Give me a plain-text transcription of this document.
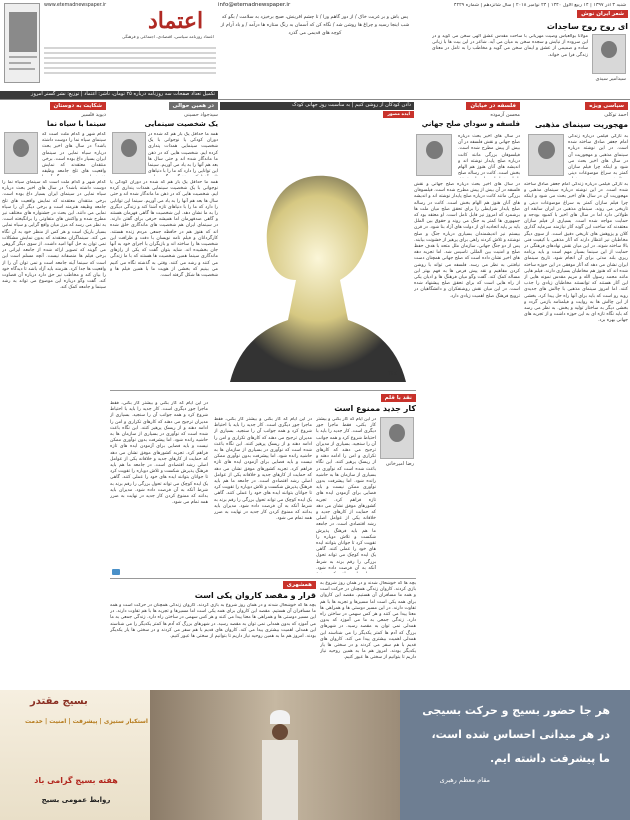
شنبه ۳ آذر ۱۳۹۷ | ۱۴ ربیع الاول ۱۴۴۰ | ۲۴ نوامبر ۲۰۱۸ | سال شانزدهم | شماره ۴۲۲۹
info@etemadnewspaper.ir
www.etemadnewspaper.ir
اعتماد
اعتماد روزنامه سیاسی، اقتصادی، اجتماعی و فرهنگی
پس باش و بر غربت خاک / از دور گاهم ورا / تا چشم آفرینش، صبح برخیزد به سلامت / بگو که شب اینجا رسید و چراغ ها روشن شد / نگاه کن که آسمان به رنگ ستاره ها درآمد / و باد آرام از کوچه های قدیمی می گذرد
شعر ایران نوش
ای روح روح ساجدات
سیدامیر سیدی
مولانا بوالعباس وصیت مهربانی با ساحت مقدس عشق الهی سخن می گوید و در این سروده از نیایش و سجده سخن به میان می آید. شاعر در این بیت ها با زبانی ساده و صمیمی از عشق و ایمان سخن می گوید و مخاطب را به تامل در معنای زندگی فرا می خواند.
تکمیل تعداد صفحات سه روزنامه درباره ۲۵ تومان، ناشر: اعتماد | توزیع: نشر گستر امروز
سیاسی ویژه
احمد توکلی
مهجوریت سینمای مذهبی
به تازگی فیلمی درباره زندگی امام جعفر صادق ساخته شده است. در این نوشته درباره سینمای مذهبی و مهجوریت آن در سال های اخیر بحث می شود و اینکه چرا فیلم سازان کمتر به سراغ موضوعات دینی
به تازگی فیلمی درباره زندگی امام جعفر صادق ساخته شده است. در این نوشته درباره سینمای مذهبی و مهجوریت آن در سال های اخیر بحث می شود و اینکه چرا فیلم سازان کمتر به سراغ موضوعات دینی و تاریخی می روند. سینمای مذهبی در ایران سابقه ای طولانی دارد اما در سال های اخیر با کمبود بودجه و حمایت مواجه شده است. بسیاری از فیلم سازان معتقدند که ساخت این گونه آثار نیازمند سرمایه گذاری کلان و پژوهش های تاریخی دقیق است. از سوی دیگر مخاطبان نیز انتظار دارند که آثار مذهبی با کیفیت فنی بالا ساخته شوند. در این میان نقش نهادهای فرهنگی در حمایت از این سینما بسیار مهم است و باید برنامه ریزی بلند مدتی برای آن انجام شود. تاریخ سینمای ایران نشان می دهد که آثار موفقی در این حوزه ساخته شده اند که هنوز هم مخاطبان بسیاری دارند. فیلم هایی مانند محمد رسول الله و مریم مقدس نمونه هایی از این آثار هستند که توانستند مخاطبان زیادی را جذب کنند. اما امروز سینمای مذهبی با چالش های جدیدی روبه رو است که باید برای آنها راه حل پیدا کرد. بخشی از این چالش ها به روایت و فیلمنامه بازمی گردد و بخشی دیگر به ساختار تولید و پخش. به نظر می رسد که باید نگاه تازه ای به این حوزه داشت و از تجربه های جهانی بهره برد.
فلسفه در خیابان
محسن آزموده
فلسفه و سوداي صلح جهاني
در سال های اخیر بحث درباره صلح جهانی و نقش فلسفه در آن بیش از پیش مطرح شده است. فیلسوفان بزرگی مانند کانت درباره صلح پایدار نوشته اند و اندیشه های آنان هنوز هم الهام بخش است. کانت در رساله صلح
در سال های اخیر بحث درباره صلح جهانی و نقش فلسفه در آن بیش از پیش مطرح شده است. فیلسوفان بزرگی مانند کانت درباره صلح پایدار نوشته اند و اندیشه های آنان هنوز هم الهام بخش است. کانت در رساله صلح پایدار شرایطی را برای تحقق صلح میان ملت ها برشمرد که امروز نیز قابل تامل است. او معتقد بود که جمهوری ها کمتر به جنگ می روند و حقوق بین الملل باید بر پایه اتحادیه ای از دولت های آزاد بنا شود. در قرن بیستم نیز اندیشمندان بسیاری درباره جنگ و صلح نوشتند و تلاش کردند راهی برای پرهیز از خشونت بیابند. پس از دو جنگ جهانی، سازمان ملل متحد با هدف حفظ صلح و امنیت بین المللی تاسیس شد. اما تجربه دهه های اخیر نشان داده است که صلح جهانی همچنان دست نیافتنی به نظر می رسد. فلسفه می تواند با روشن کردن مفاهیم و نقد پیش فرض ها به فهم بهتر این مساله کمک کند. گفت وگو میان فرهنگ ها و ادیان یکی از راه هایی است که برای تحقق صلح پیشنهاد شده است. در این میان نقش روشنفکران و دانشگاهیان در ترویج فرهنگ صلح اهمیت زیادی دارد.
دادن کودکان از روشن کنیم | به مناسبت روز جهانی کودک
ایده مصور
TEK
در همین حوالی
سیدجواد حسینی
یک شخصیت سینمایی
همه ما حداقل یک بار هم که شده در دوران کودکی یا نوجوانی با یک شخصیت سینمایی همذات پنداری کرده ایم. شخصیت هایی که در ذهن ما ماندگار شده اند و حتی سال ها بعد هم آنها را به یاد می آوریم. سینما این توانایی را دارد که ما را با دنیاهای
همه ما حداقل یک بار هم که شده در دوران کودکی یا نوجوانی با یک شخصیت سینمایی همذات پنداری کرده ایم. شخصیت هایی که در ذهن ما ماندگار شده اند و حتی سال ها بعد هم آنها را به یاد می آوریم. سینما این توانایی را دارد که ما را با دنیاهای تازه آشنا کند و زندگی دیگری را به ما نشان دهد. این شخصیت ها گاهی قهرمان هستند و گاهی ضدقهرمان اما همیشه حرفی برای گفتن دارند. در سینمای ایران هم شخصیت های ماندگاری خلق شده اند که هنوز هم در حافظه جمعی مردم زنده هستند. کارگردانان و فیلم نامه نویسان با دقت و ظرافت این شخصیت ها را ساخته اند و بازیگران با اجرای خود به آنها جان بخشیده اند. شاید بتوان گفت که یکی از رازهای ماندگاری سینما همین شخصیت ها هستند که با ما زندگی می کنند و رشد می کنند. وقتی به گذشته نگاه می کنیم می بینیم که بخشی از هویت ما با همین فیلم ها و شخصیت ها شکل گرفته است.
شکایت به دوستان
دیوید فلسیر
سینما با سیاه نما
کدام شهر و کدام ملت است که سینمای سیاه نما را دوست داشته باشد؟ در سال های اخیر بحث درباره سیاه نمایی در سینمای ایران بسیار داغ بوده است. برخی منتقدان معتقدند که نمایش واقعیت های تلخ جامعه وظیفه
کدام شهر و کدام ملت است که سینمای سیاه نما را دوست داشته باشد؟ در سال های اخیر بحث درباره سیاه نمایی در سینمای ایران بسیار داغ بوده است. برخی منتقدان معتقدند که نمایش واقعیت های تلخ جامعه وظیفه هنرمند است و برخی دیگر آن را سیاه نمایی می دانند. این بحث در جشنواره های مختلف نیز مطرح شده و واکنش های متفاوتی را برانگیخته است. به نظر می رسد که مرز میان واقع گرایی و سیاه نمایی بسیار باریک است و هر کس از منظر خود به آن نگاه می کند. سینماگران معتقدند که بدون نمایش مشکلات نمی توان به حل آنها امید داشت. از سوی دیگر گروهی می گویند که تصویر ارائه شده از جامعه ایرانی در برخی فیلم ها منصفانه نیست. آنچه مسلم است این است که سینما آینه جامعه است و نمی توان آن را از واقعیت ها جدا کرد. هنرمند باید آزاد باشد تا دیدگاه خود را بیان کند و مخاطب نیز حق دارد درباره آن قضاوت کند. گفت وگو درباره این موضوع می تواند به رشد سینما و جامعه کمک کند.
نقد با قلم
کار جدید ممنوع است
رضا امیرخانی
در این ایام که کار بکنی و بیشتر کار بکنی، فقط ماجرا جور دیگری است. کار جدید را باید با احتیاط شروع کرد و همه جوانب آن را سنجید. بسیاری از مدیران ترجیح می دهند که کارهای تکراری و امن را ادامه دهند و از ریسک پرهیز کنند. این نگاه باعث شده است که نوآوری در بسیاری از سازمان ها به حاشیه رانده شود. اما پیشرفت بدون نوآوری ممکن نیست و باید فضایی برای آزمودن ایده های تازه فراهم کرد. تجربه کشورهای موفق نشان می دهد که حمایت از کارهای جدید و خلاقانه یکی از عوامل اصلی رشد اقتصادی است. در جامعه ما هم باید فرهنگ پذیرش شکست و تلاش دوباره را تقویت کرد تا جوانان بتوانند ایده های خود را عملی کنند. گاهی یک ایده کوچک می تواند تحول بزرگی را رقم بزند به شرط آنکه به آن فرصت داده شود.
در این ایام که کار بکنی و بیشتر کار بکنی، فقط ماجرا جور دیگری است. کار جدید را باید با احتیاط شروع کرد و همه جوانب آن را سنجید. بسیاری از مدیران ترجیح می دهند که کارهای تکراری و امن را ادامه دهند و از ریسک پرهیز کنند. این نگاه باعث شده است که نوآوری در بسیاری از سازمان ها به حاشیه رانده شود. اما پیشرفت بدون نوآوری ممکن نیست و باید فضایی برای آزمودن ایده های تازه فراهم کرد. تجربه کشورهای موفق نشان می دهد که حمایت از کارهای جدید و خلاقانه یکی از عوامل اصلی رشد اقتصادی است. در جامعه ما هم باید فرهنگ پذیرش شکست و تلاش دوباره را تقویت کرد تا جوانان بتوانند ایده های خود را عملی کنند. گاهی یک ایده کوچک می تواند تحول بزرگی را رقم بزند به شرط آنکه به آن فرصت داده شود. مدیران باید بدانند که ممنوع کردن کار جدید در نهایت به ضرر همه تمام می شود.
در این ایام که کار بکنی و بیشتر کار بکنی، فقط ماجرا جور دیگری است. کار جدید را باید با احتیاط شروع کرد و همه جوانب آن را سنجید. بسیاری از مدیران ترجیح می دهند که کارهای تکراری و امن را ادامه دهند و از ریسک پرهیز کنند. این نگاه باعث شده است که نوآوری در بسیاری از سازمان ها به حاشیه رانده شود. اما پیشرفت بدون نوآوری ممکن نیست و باید فضایی برای آزمودن ایده های تازه فراهم کرد. تجربه کشورهای موفق نشان می دهد که حمایت از کارهای جدید و خلاقانه یکی از عوامل اصلی رشد اقتصادی است. در جامعه ما هم باید فرهنگ پذیرش شکست و تلاش دوباره را تقویت کرد تا جوانان بتوانند ایده های خود را عملی کنند. گاهی یک ایده کوچک می تواند تحول بزرگی را رقم بزند به شرط آنکه به آن فرصت داده شود. مدیران باید بدانند که ممنوع کردن کار جدید در نهایت به ضرر همه تمام می شود.
همشهری
قرار و مقصد کاروان یکی است
بچه ها که خوشحال شدند و در همان روز شروع به بازی کردند. کاروان زندگی همچنان در حرکت است و همه ما مسافران آن هستیم. مقصد این کاروان برای همه یکی است اما مسیرها و تجربه ها با هم تفاوت دارند. در این مسیر دوستی ها و همراهی ها معنا پیدا می کنند و هر کس سهمی در ساختن راه دارد. زندگی جمعی به ما می آموزد که بدون همدلی نمی توان به مقصد رسید. در شهرهای بزرگ که آدم ها کمتر یکدیگر را می شناسند این همدلی اهمیت بیشتری پیدا می کند. کاروان های قدیم با هم سفر می کردند و در سختی ها یار یکدیگر بودند. امروز هم ما به همین روحیه نیاز داریم تا بتوانیم از سختی ها عبور کنیم.
بچه ها که خوشحال شدند و در همان روز شروع به بازی کردند. کاروان زندگی همچنان در حرکت است و همه ما مسافران آن هستیم. مقصد این کاروان برای همه یکی است اما مسیرها و تجربه ها با هم تفاوت دارند. در این مسیر دوستی ها و همراهی ها معنا پیدا می کنند و هر کس سهمی در ساختن راه دارد. زندگی جمعی به ما می آموزد که بدون همدلی نمی توان به مقصد رسید. در شهرهای بزرگ که آدم ها کمتر یکدیگر را می شناسند این همدلی اهمیت بیشتری پیدا می کند. کاروان های قدیم با هم سفر می کردند و در سختی ها یار یکدیگر بودند. امروز هم ما به همین روحیه نیاز داریم تا بتوانیم از سختی ها عبور کنیم.
بسیج مقتدر
استکبار ستیزی | پیشرفت | امنیت | خدمت
هفته بسیج گرامی باد
روابط عمومی بسیج
هر جا حضور بسیج و حرکت بسیجی
در هر میدانی احساس شده است،
ما پیشرفت داشته ایم.
مقام معظم رهبری
